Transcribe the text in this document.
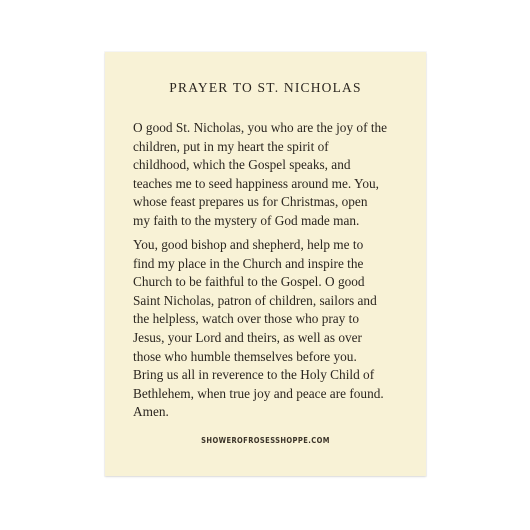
PRAYER TO ST. NICHOLAS

O good St. Nicholas, you who are the joy of the
children, put in my heart the spirit of
childhood, which the Gospel speaks, and
teaches me to seed happiness around me. You,
whose feast prepares us for Christmas, open
my faith to the mystery of God made man.

You, good bishop and shepherd, help me to
find my place in the Church and inspire the
Church to be faithful to the Gospel. O good
Saint Nicholas, patron of children, sailors and
the helpless, watch over those who pray to
Jesus, your Lord and theirs, as well as over
those who humble themselves before you.
Bring us all in reverence to the Holy Child of
Bethlehem, when true joy and peace are found.
Amen.

SHOWEROFROSESSHOPPE.COM
